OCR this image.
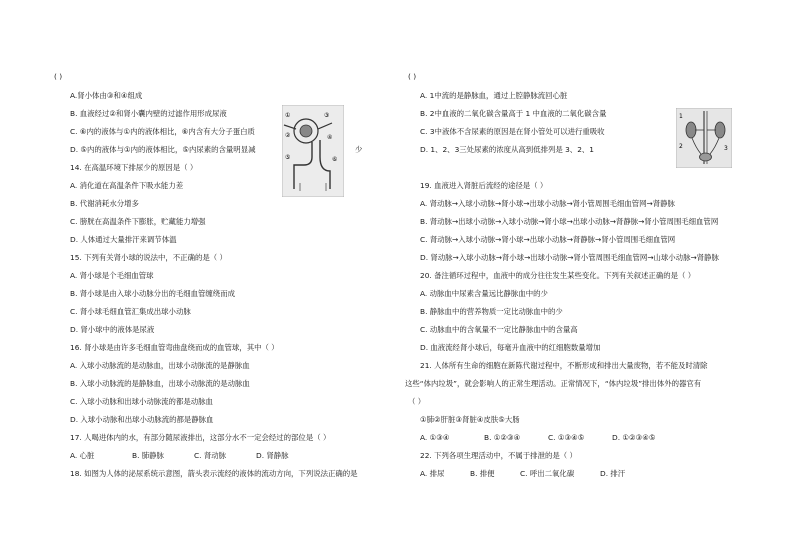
( )
A.肾小体由③和④组成
B. 血液经过②和肾小囊内壁的过滤作用形成尿液
C. ⑥内的液体与①内的液体相比，⑥内含有大分子蛋白质
D. ⑤内的液体与①内的液体相比，⑤内尿素的含量明显减	少
14. 在高温环境下排尿少的原因是（ ）
A. 消化道在高温条件下吸水能力差
B. 代谢消耗水分增多
C. 膀胱在高温条件下膨胀，贮藏能力增强
D. 人体通过大量排汗来调节体温
15. 下列有关肾小球的说法中，不正确的是（ ）
A. 肾小球是个毛细血管球
B. 肾小球是由入球小动脉分出的毛细血管缠绕而成
C. 肾小球毛细血管汇集成出球小动脉
D. 肾小球中的液体是尿液
16. 肾小球是由许多毛细血管弯曲盘绕而成的血管球，其中（ ）
A. 入球小动脉流的是动脉血，出球小动脉流的是静脉血
B. 入球小动脉流的是静脉血，出球小动脉流的是动脉血
C. 入球小动脉和出球小动脉流的都是动脉血
D. 入球小动脉和出球小动脉流的都是静脉血
17. 人喝进体内的水，有部分随尿液排出，这部分水不一定会经过的部位是（ ）
A. 心脏	B. 肺静脉	C. 肾动脉	D. 肾静脉
18. 如图为人体的泌尿系统示意图，箭头表示流经的液体的流动方向，下列说法正确的是
①
②
③
④
⑤	⑥
( )
A. 1中流的是静脉血，通过上腔静脉流回心脏
B. 2中血液的二氧化碳含量高于 1 中血液的二氧化碳含量
C. 3中液体不含尿素的原因是在肾小管处可以进行重吸收
D. 1、2、3三处尿素的浓度从高到低排列是 3、2、1
19. 血液进入肾脏后流经的途径是（ ）
A. 肾动脉→入球小动脉→肾小球→出球小动脉→肾小管周围毛细血管网→肾静脉
B. 肾动脉→出球小动脉→入球小动脉→肾小球→出球小动脉→肾静脉→肾小管周围毛细血管网
C. 肾动脉→入球小动脉→肾小球→出球小动脉→肾静脉→肾小管周围毛细血管网
D. 肾动脉→入球小动脉→肾小球→出球小动脉→肾小管周围毛细血管网→山球小动脉→肾静脉
20. 备注循环过程中，血液中的成分往往发生某些变化。下列有关叙述正确的是（ ）
A. 动脉血中尿素含量远比静脉血中的少
B. 静脉血中的营养物质一定比动脉血中的少
C. 动脉血中的含氧量不一定比静脉血中的含量高
D. 血液流经肾小球后，每毫升血液中的红细胞数量增加
21. 人体所有生命的细胞在新陈代谢过程中，不断形成和排出大量废物，若不能及时清除
这些“体内垃圾”，就会影响人的正常生理活动。正常情况下，“体内垃圾”排出体外的器官有
（ ）
①肺②肝脏③肾脏④皮肤⑤大肠
A. ①③④	B. ①②③④	C. ①③④⑤	D. ①②③④⑤
22. 下列各项生理活动中，不属于排泄的是（ ）
A. 排尿	B. 排便	C. 呼出二氧化碳	D. 排汗
1
2	3
